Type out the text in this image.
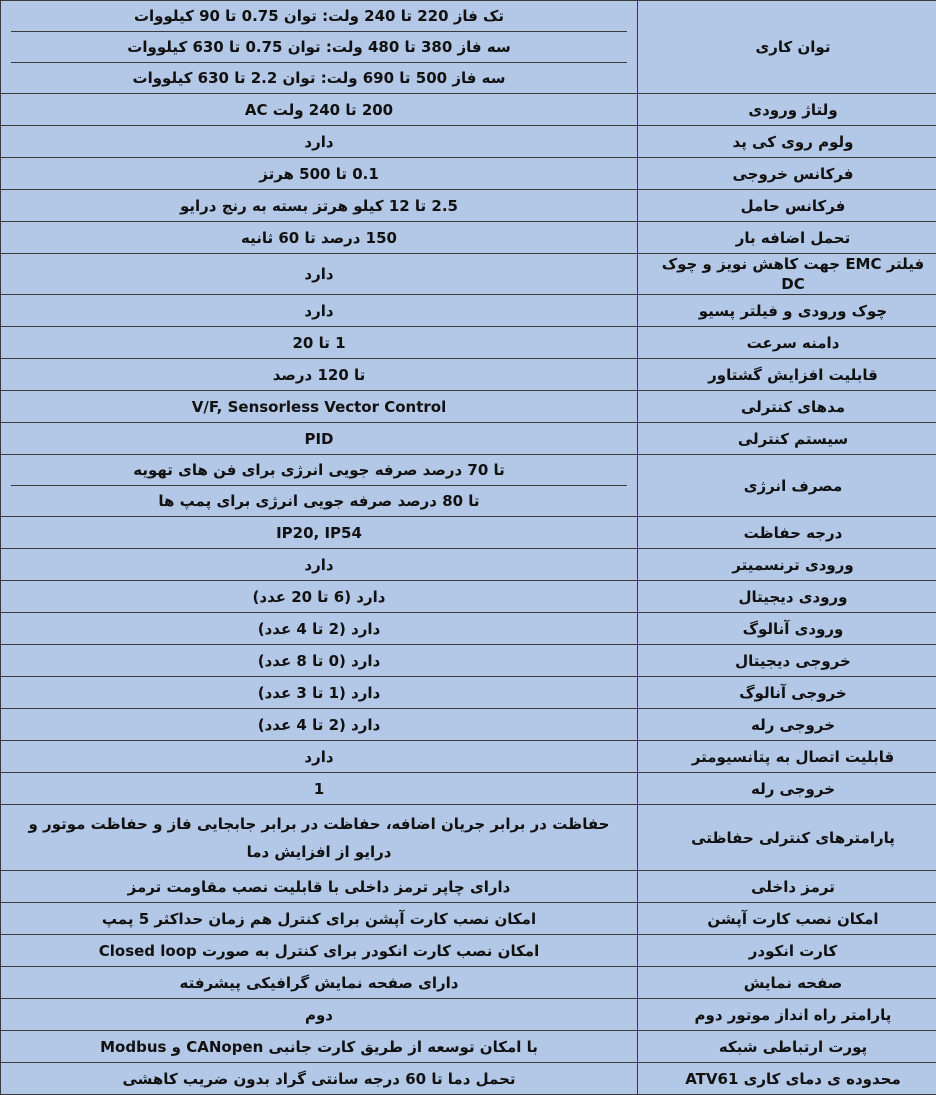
توان کاری	تک فاز 220 تا 240 ولت: توان 0.75 تا 90 کیلووات
سه فاز 380 تا 480 ولت: توان 0.75 تا 630 کیلووات
سه فاز 500 تا 690 ولت: توان 2.2 تا 630 کیلووات

ولتاژ ورودی	200 تا 240 ولت AC
ولوم روی کی پد	دارد
فرکانس خروجی	0.1 تا 500 هرتز
فرکانس حامل	2.5 تا 12 کیلو هرتز بسته به رنج درایو
تحمل اضافه بار	150 درصد تا 60 ثانیه
فیلتر EMC جهت کاهش نویز و چوک DC	دارد
چوک ورودی و فیلتر پسیو	دارد
دامنه سرعت	1 تا 20
قابلیت افزایش گشتاور	تا 120 درصد
مدهای کنترلی	V/F, Sensorless Vector Control
سیستم کنترلی	PID
مصرف انرژی	تا 70 درصد صرفه جویی انرژی برای فن های تهویه
تا 80 درصد صرفه جویی انرژی برای پمپ ها

درجه حفاظت	IP20, IP54
ورودی ترنسمیتر	دارد
ورودی دیجیتال	دارد (6 تا 20 عدد)
ورودی آنالوگ	دارد (2 تا 4 عدد)
خروجی دیجیتال	دارد (0 تا 8 عدد)
خروجی آنالوگ	دارد (1 تا 3 عدد)
خروجی رله	دارد (2 تا 4 عدد)
قابلیت اتصال به پتانسیومتر	دارد
خروجی رله	1
پارامترهای کنترلی حفاظتی	حفاظت در برابر جریان اضافه، حفاظت در برابر جابجایی فاز و حفاظت موتور و درایو از افزایش دما

ترمز داخلی	دارای چاپر ترمز داخلی با قابلیت نصب مقاومت ترمز
امکان نصب کارت آپشن	امکان نصب کارت آپشن برای کنترل هم زمان حداکثر 5 پمپ
کارت انکودر	امکان نصب کارت انکودر برای کنترل به صورت Closed loop
صفحه نمایش	دارای صفحه نمایش گرافیکی پیشرفته
پارامتر راه انداز موتور دوم	دوم
پورت ارتباطی شبکه	با امکان توسعه از طریق کارت جانبی CANopen و Modbus
محدوده ی دمای کاری ATV61	تحمل دما تا 60 درجه سانتی گراد بدون ضریب کاهشی
